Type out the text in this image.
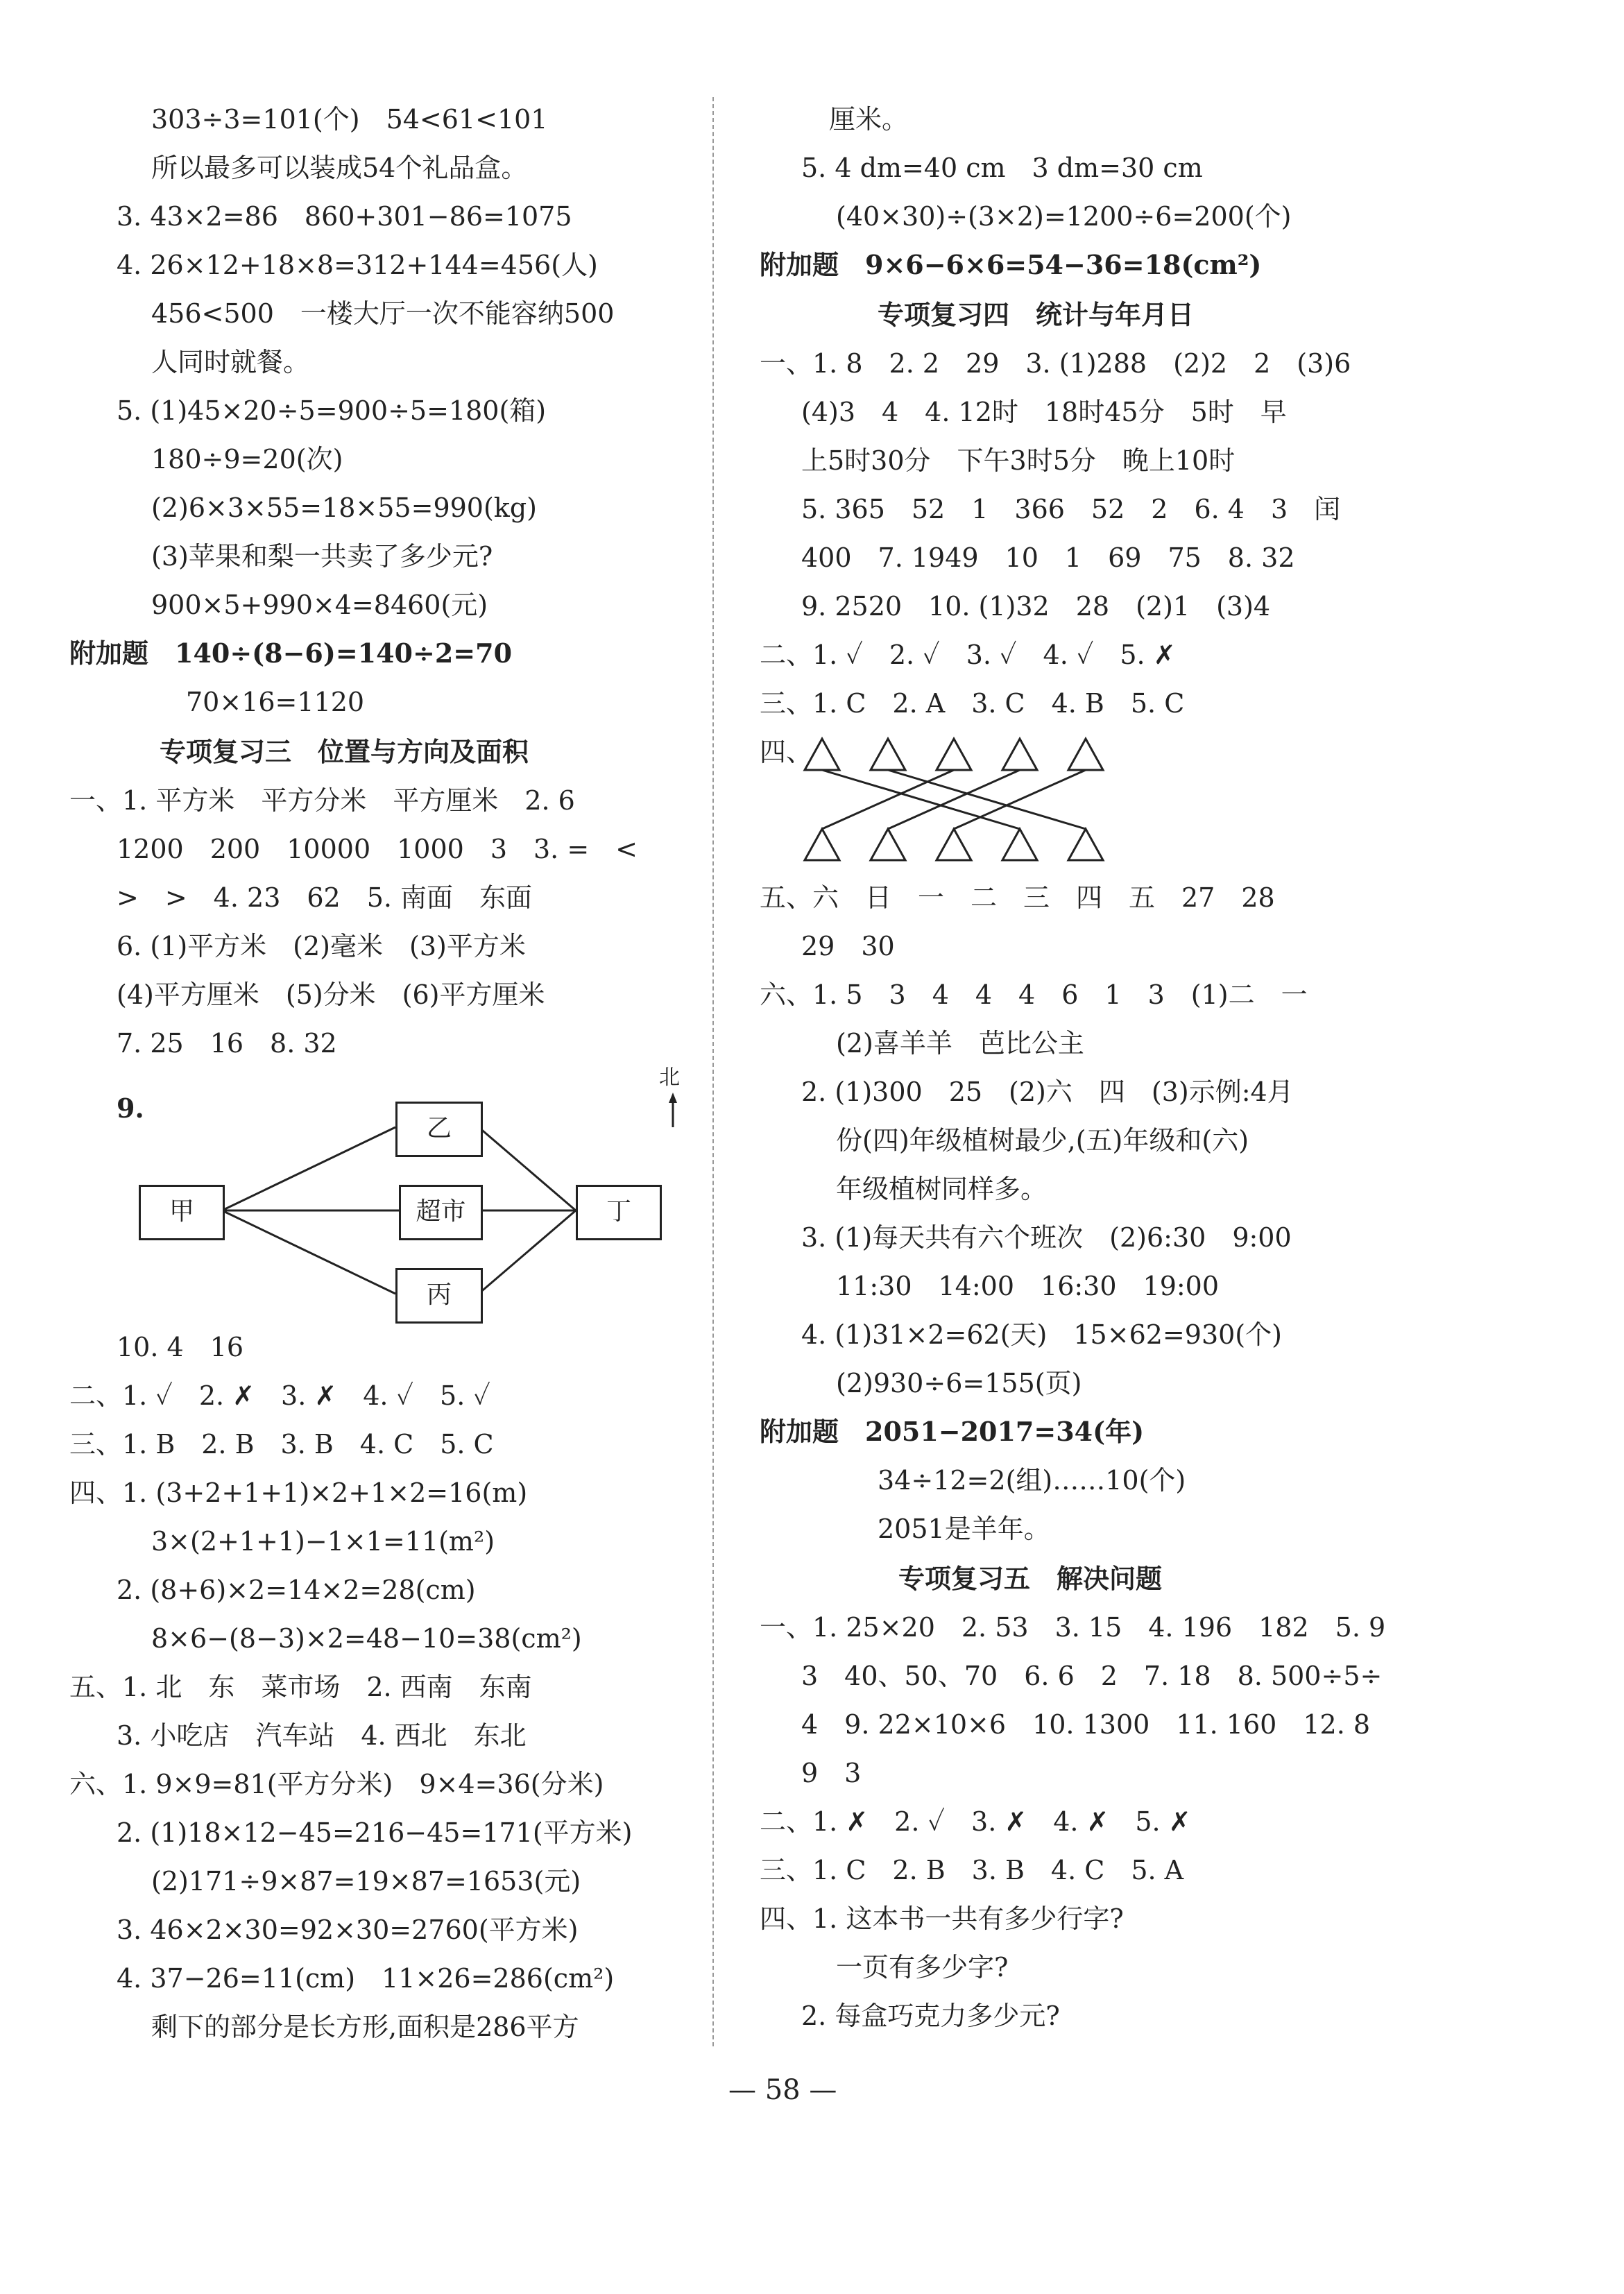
303÷3=101(个)　54<61<101
所以最多可以装成54个礼品盒。
3. 43×2=86　860+301−86=1075
4. 26×12+18×8=312+144=456(人)
456<500　一楼大厅一次不能容纳500
人同时就餐。
5. (1)45×20÷5=900÷5=180(箱)
180÷9=20(次)
(2)6×3×55=18×55=990(kg)
(3)苹果和梨一共卖了多少元?
900×5+990×4=8460(元)
附加题　140÷(8−6)=140÷2=70
70×16=1120
专项复习三　位置与方向及面积
一、1. 平方米　平方分米　平方厘米　2. 6
1200　200　10000　1000　3　3. =　<
>　>　4. 23　62　5. 南面　东面
6. (1)平方米　(2)毫米　(3)平方米
(4)平方厘米　(5)分米　(6)平方厘米
7. 25　16　8. 32
9.
甲
乙
超市
丙
丁
北
10. 4　16
二、1. ✓　2. ✗　3. ✗　4. ✓　5. ✓
三、1. B　2. B　3. B　4. C　5. C
四、1. (3+2+1+1)×2+1×2=16(m)
3×(2+1+1)−1×1=11(m²)
2. (8+6)×2=14×2=28(cm)
8×6−(8−3)×2=48−10=38(cm²)
五、1. 北　东　菜市场　2. 西南　东南
3. 小吃店　汽车站　4. 西北　东北
六、1. 9×9=81(平方分米)　9×4=36(分米)
2. (1)18×12−45=216−45=171(平方米)
(2)171÷9×87=19×87=1653(元)
3. 46×2×30=92×30=2760(平方米)
4. 37−26=11(cm)　11×26=286(cm²)
剩下的部分是长方形,面积是286平方
厘米。
5. 4 dm=40 cm　3 dm=30 cm
(40×30)÷(3×2)=1200÷6=200(个)
附加题　9×6−6×6=54−36=18(cm²)
专项复习四　统计与年月日
一、1. 8　2. 2　29　3. (1)288　(2)2　2　(3)6
(4)3　4　4. 12时　18时45分　5时　早
上5时30分　下午3时5分　晚上10时
5. 365　52　1　366　52　2　6. 4　3　闰
400　7. 1949　10　1　69　75　8. 32
9. 2520　10. (1)32　28　(2)1　(3)4
二、1. ✓　2. ✓　3. ✓　4. ✓　5. ✗
三、1. C　2. A　3. C　4. B　5. C
四、
五、六　日　一　二　三　四　五　27　28
29　30
六、1. 5　3　4　4　4　6　1　3　(1)二　一
(2)喜羊羊　芭比公主
2. (1)300　25　(2)六　四　(3)示例:4月
份(四)年级植树最少,(五)年级和(六)
年级植树同样多。
3. (1)每天共有六个班次　(2)6:30　9:00
11:30　14:00　16:30　19:00
4. (1)31×2=62(天)　15×62=930(个)
(2)930÷6=155(页)
附加题　2051−2017=34(年)
34÷12=2(组)……10(个)
2051是羊年。
专项复习五　解决问题
一、1. 25×20　2. 53　3. 15　4. 196　182　5. 9
3　40、50、70　6. 6　2　7. 18　8. 500÷5÷
4　9. 22×10×6　10. 1300　11. 160　12. 8
9　3
二、1. ✗　2. ✓　3. ✗　4. ✗　5. ✗
三、1. C　2. B　3. B　4. C　5. A
四、1. 这本书一共有多少行字?
一页有多少字?
2. 每盒巧克力多少元?
— 58 —
